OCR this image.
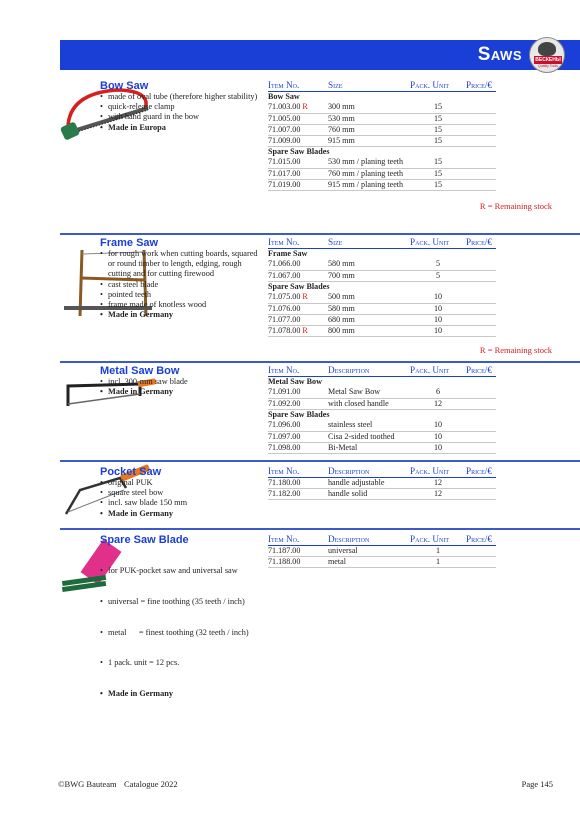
Saws	ВЕСКЕНЫ
Quality Tools
Bow Saw
• made of oval tube (therefore higher stability)
• quick-release clamp
• with hand guard in the bow
• Made in Europa
Item No.	Size	Pack. Unit	Price/€
Bow Saw			
71.003.00 R	300 mm	15	
71.005.00	530 mm	15	
71.007.00	760 mm	15	
71.009.00	915 mm	15	
Spare Saw Blades			
71.015.00	530 mm / planing teeth	15	
71.017.00	760 mm / planing teeth	15	
71.019.00	915 mm / planing teeth	15	
R = Remaining stock
Frame Saw
• for rough work when cutting boards, squared
or round timber to length, edging, rough
cutting and for cutting firewood
• cast steel blade
• pointed teeth
• frame made of knotless wood
• Made in Germany
Item No.	Size	Pack. Unit	Price/€
Frame Saw			
71.066.00	580 mm	5	
71.067.00	700 mm	5	
Spare Saw Blades			
71.075.00 R	500 mm	10	
71.076.00	580 mm	10	
71.077.00	680 mm	10	
71.078.00 R	800 mm	10	
R = Remaining stock
Metal Saw Bow
• incl. 300-mm saw blade
• Made in Germany
Item No.	Description	Pack. Unit	Price/€
Metal Saw Bow			
71.091.00	Metal Saw Bow	6	
71.092.00	with closed handle	12	
Spare Saw Blades			
71.096.00	stainless steel	10	
71.097.00	Cisa 2-sided toothed	10	
71.098.00	Bi-Metal	10	
Pocket Saw
• original PUK
• square steel bow
• incl. saw blade 150 mm
• Made in Germany
Item No.	Description	Pack. Unit	Price/€
71.180.00	handle adjustable	12	
71.182.00	handle solid	12	
Spare Saw Blade

• for PUK-pocket saw and universal saw

• universal = fine toothing (35 teeth / inch)

• metal      = finest toothing (32 teeth / inch)

• 1 pack. unit = 12 pcs.

• Made in Germany

Item No.	Description	Pack. Unit	Price/€
71.187.00	universal	1	
71.188.00	metal	1	
©BWG Bauteam Catalogue 2022	Page 145
